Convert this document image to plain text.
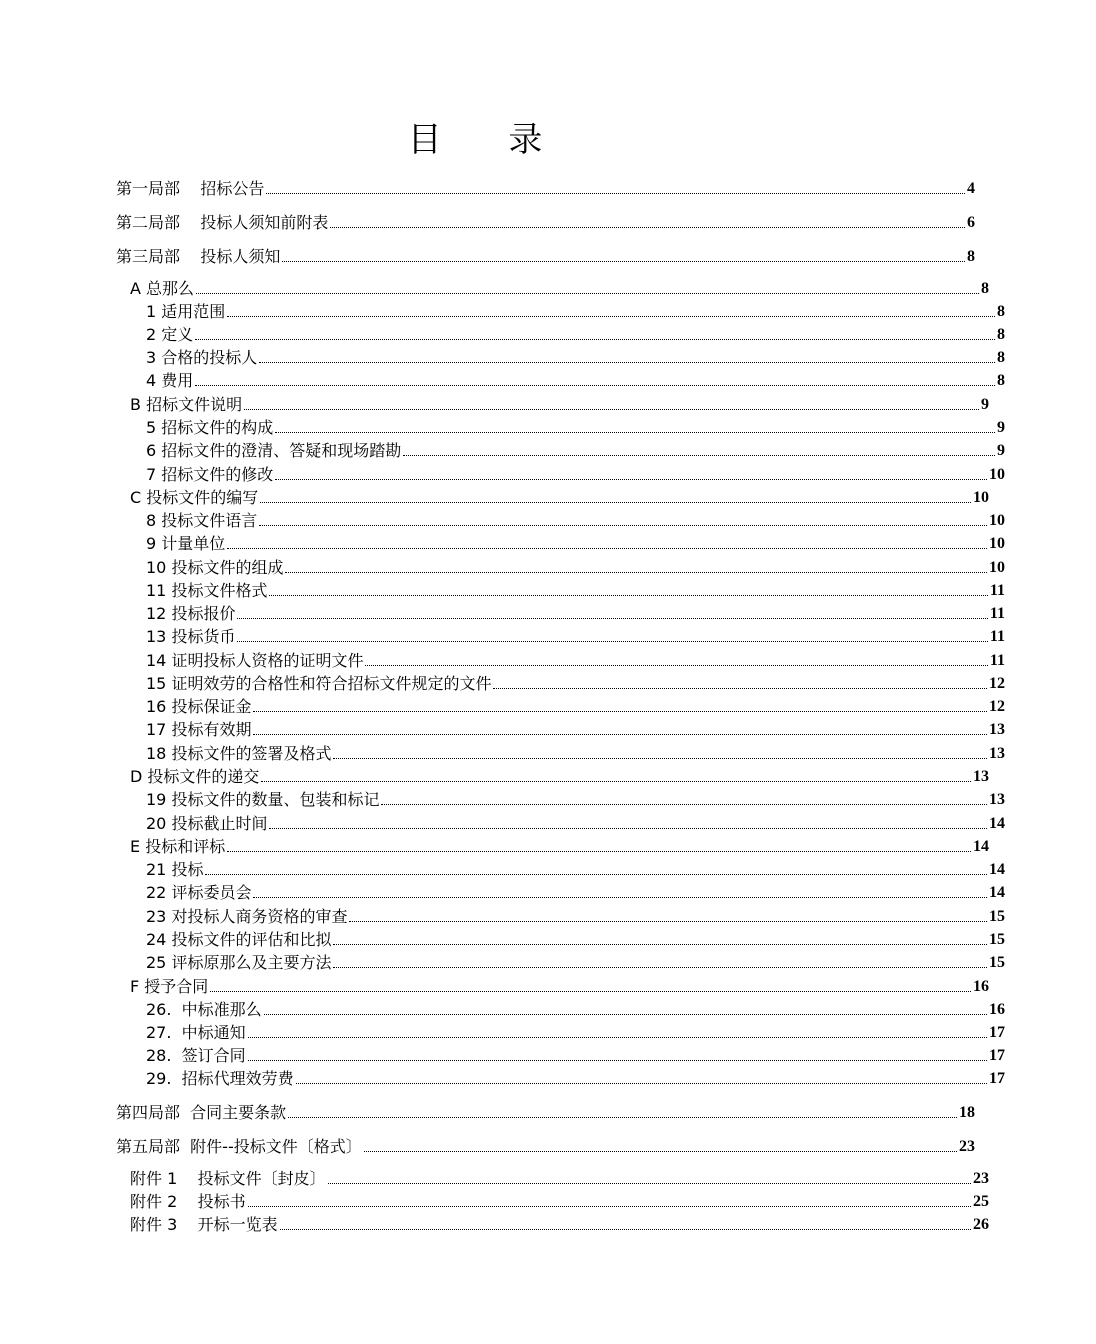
目 录
第一局部    招标公告	4
第二局部    投标人须知前附表	6
第三局部    投标人须知	8
A 总那么	8
1 适用范围	8
2 定义	8
3 合格的投标人	8
4 费用	8
B 招标文件说明	9
5 招标文件的构成	9
6 招标文件的澄清、答疑和现场踏勘	9
7 招标文件的修改	10
C 投标文件的编写	10
8 投标文件语言	10
9 计量单位	10
10 投标文件的组成	10
11 投标文件格式	11
12 投标报价	11
13 投标货币	11
14 证明投标人资格的证明文件	11
15 证明效劳的合格性和符合招标文件规定的文件	12
16 投标保证金	12
17 投标有效期	13
18 投标文件的签署及格式	13
D 投标文件的递交	13
19 投标文件的数量、包装和标记	13
20 投标截止时间	14
E 投标和评标	14
21 投标	14
22 评标委员会	14
23 对投标人商务资格的审查	15
24 投标文件的评估和比拟	15
25 评标原那么及主要方法	15
F 授予合同	16
26.  中标准那么	16
27.  中标通知	17
28.  签订合同	17
29.  招标代理效劳费	17
第四局部  合同主要条款	18
第五局部  附件--投标文件〔格式〕	23
附件 1    投标文件〔封皮〕	23
附件 2    投标书	25
附件 3    开标一览表	26
